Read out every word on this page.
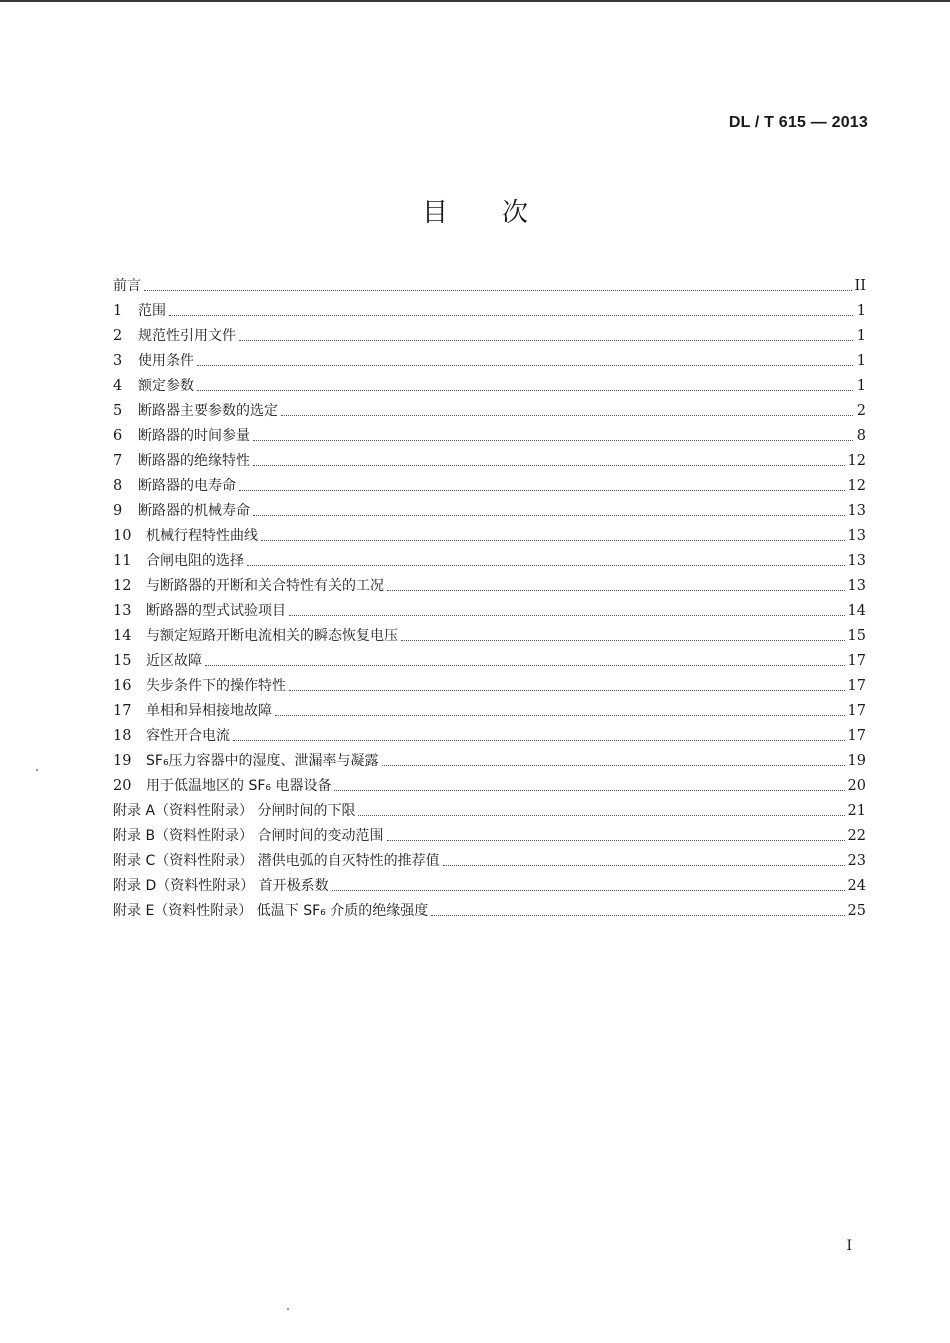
DL / T 615 — 2013
目次
前言	II
1	范围	1
2	规范性引用文件	1
3	使用条件	1
4	额定参数	1
5	断路器主要参数的选定	2
6	断路器的时间参量	8
7	断路器的绝缘特性	12
8	断路器的电寿命	12
9	断路器的机械寿命	13
10	机械行程特性曲线	13
11	合闸电阻的选择	13
12	与断路器的开断和关合特性有关的工况	13
13	断路器的型式试验项目	14
14	与额定短路开断电流相关的瞬态恢复电压	15
15	近区故障	17
16	失步条件下的操作特性	17
17	单相和异相接地故障	17
18	容性开合电流	17
19	SF₆压力容器中的湿度、泄漏率与凝露	19
20	用于低温地区的 SF₆ 电器设备	20
附录 A（资料性附录） 分闸时间的下限	21
附录 B（资料性附录） 合闸时间的变动范围	22
附录 C（资料性附录） 潜供电弧的自灭特性的推荐值	23
附录 D（资料性附录） 首开极系数	24
附录 E（资料性附录） 低温下 SF₆ 介质的绝缘强度	25
I
